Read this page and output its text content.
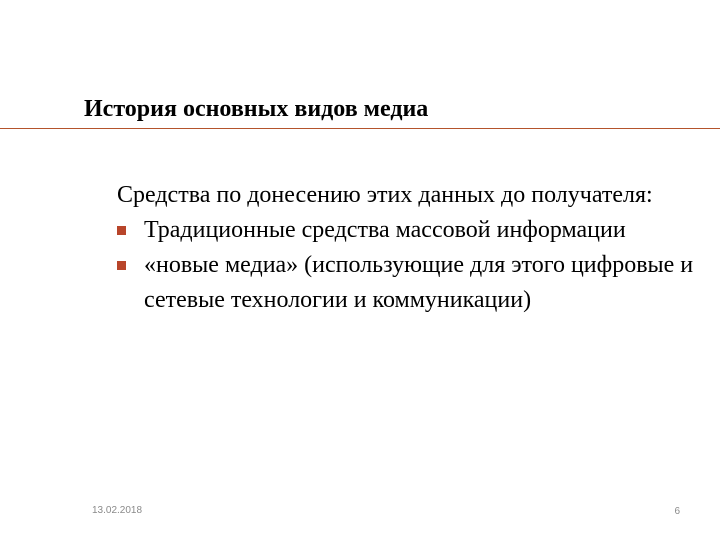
История основных видов медиа

Средства по донесению этих данных до получателя:

Традиционные средства массовой информации
«новые медиа» (использующие для этого цифровые и сетевые технологии и коммуникации)
13.02.2018	6
